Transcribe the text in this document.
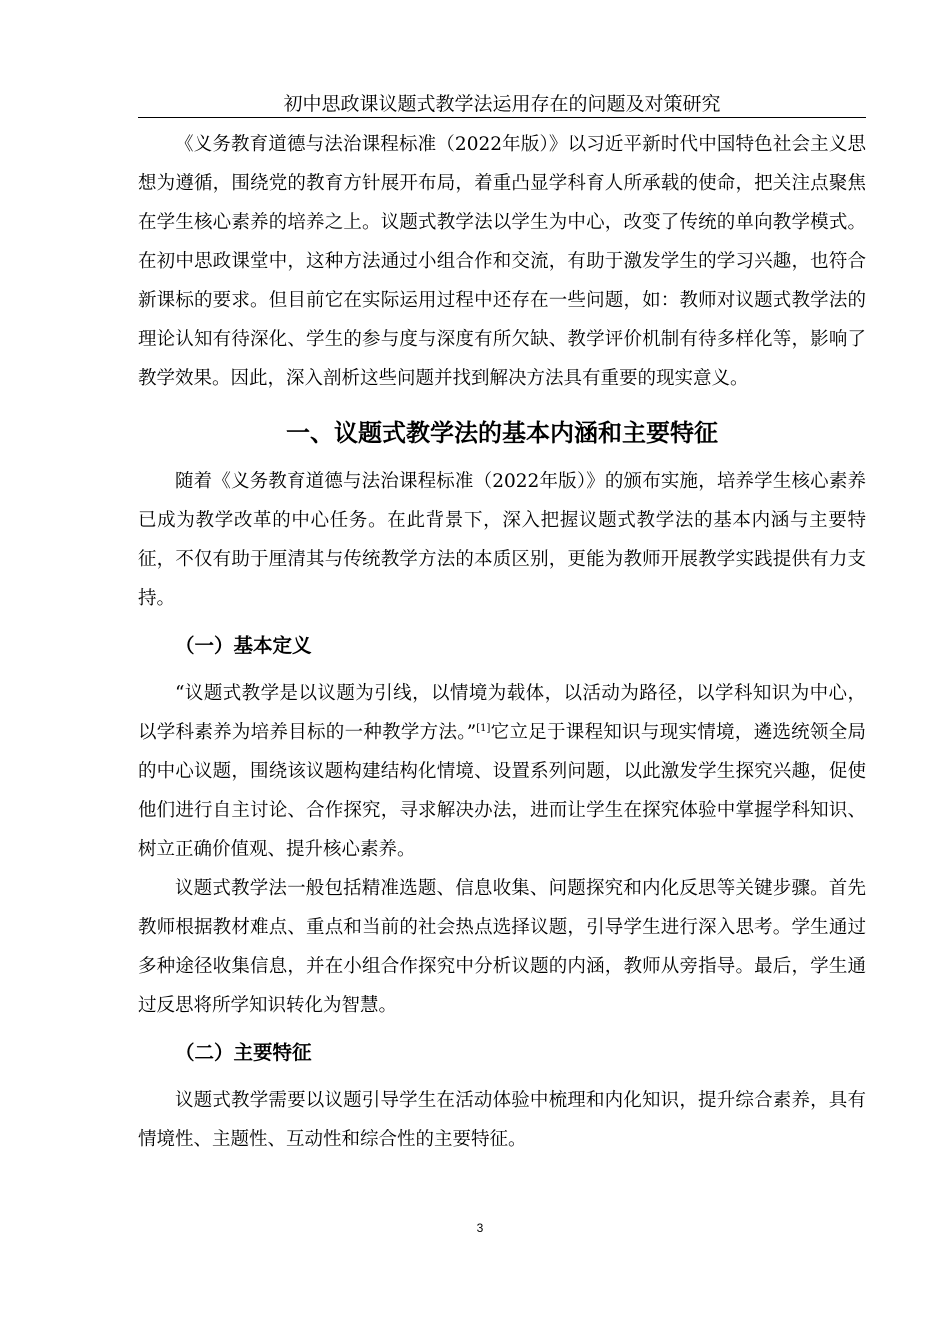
初中思政课议题式教学法运用存在的问题及对策研究

《义务教育道德与法治课程标准（2022年版）》以习近平新时代中国特色社会主义思想为遵循，围绕党的教育方针展开布局，着重凸显学科育人所承载的使命，把关注点聚焦在学生核心素养的培养之上。议题式教学法以学生为中心，改变了传统的单向教学模式。在初中思政课堂中，这种方法通过小组合作和交流，有助于激发学生的学习兴趣，也符合新课标的要求。但目前它在实际运用过程中还存在一些问题，如：教师对议题式教学法的理论认知有待深化、学生的参与度与深度有所欠缺、教学评价机制有待多样化等，影响了教学效果。因此，深入剖析这些问题并找到解决方法具有重要的现实意义。

一、议题式教学法的基本内涵和主要特征

随着《义务教育道德与法治课程标准（2022年版）》的颁布实施，培养学生核心素养已成为教学改革的中心任务。在此背景下，深入把握议题式教学法的基本内涵与主要特征，不仅有助于厘清其与传统教学方法的本质区别，更能为教师开展教学实践提供有力支持。

（一）基本定义

“议题式教学是以议题为引线，以情境为载体，以活动为路径，以学科知识为中心，以学科素养为培养目标的一种教学方法。”[1]它立足于课程知识与现实情境，遴选统领全局的中心议题，围绕该议题构建结构化情境、设置系列问题，以此激发学生探究兴趣，促使他们进行自主讨论、合作探究，寻求解决办法，进而让学生在探究体验中掌握学科知识、树立正确价值观、提升核心素养。

议题式教学法一般包括精准选题、信息收集、问题探究和内化反思等关键步骤。首先教师根据教材难点、重点和当前的社会热点选择议题，引导学生进行深入思考。学生通过多种途径收集信息，并在小组合作探究中分析议题的内涵，教师从旁指导。最后，学生通过反思将所学知识转化为智慧。

（二）主要特征

议题式教学需要以议题引导学生在活动体验中梳理和内化知识，提升综合素养，具有情境性、主题性、互动性和综合性的主要特征。

3
